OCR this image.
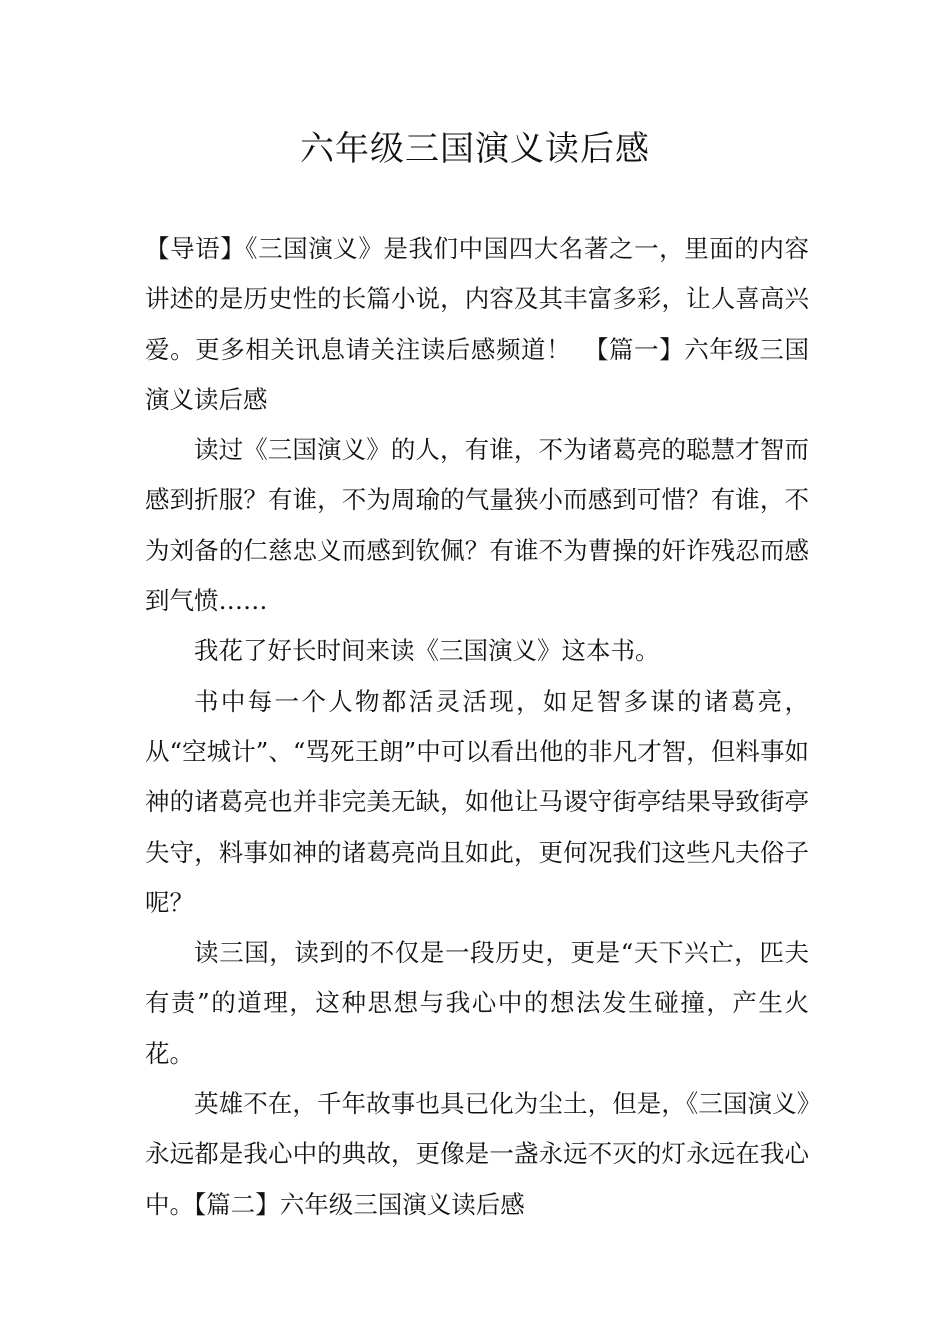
六年级三国演义读后感

【导语】《三国演义》是我们中国四大名著之一，里面的内容讲述的是历史性的长篇小说，内容及其丰富多彩，让人喜高兴爱。更多相关讯息请关注读后感频道！　【篇一】六年级三国演义读后感

读过《三国演义》的人，有谁，不为诸葛亮的聪慧才智而感到折服？有谁，不为周瑜的气量狭小而感到可惜？有谁，不为刘备的仁慈忠义而感到钦佩？有谁不为曹操的奸诈残忍而感到气愤……

我花了好长时间来读《三国演义》这本书。

书中每一个人物都活灵活现，如足智多谋的诸葛亮，从“空城计”、“骂死王朗”中可以看出他的非凡才智，但料事如神的诸葛亮也并非完美无缺，如他让马谡守街亭结果导致街亭失守，料事如神的诸葛亮尚且如此，更何况我们这些凡夫俗子呢？

读三国，读到的不仅是一段历史，更是“天下兴亡，匹夫有责”的道理，这种思想与我心中的想法发生碰撞，产生火花。

英雄不在，千年故事也具已化为尘土，但是，《三国演义》永远都是我心中的典故，更像是一盏永远不灭的灯永远在我心中。【篇二】六年级三国演义读后感
